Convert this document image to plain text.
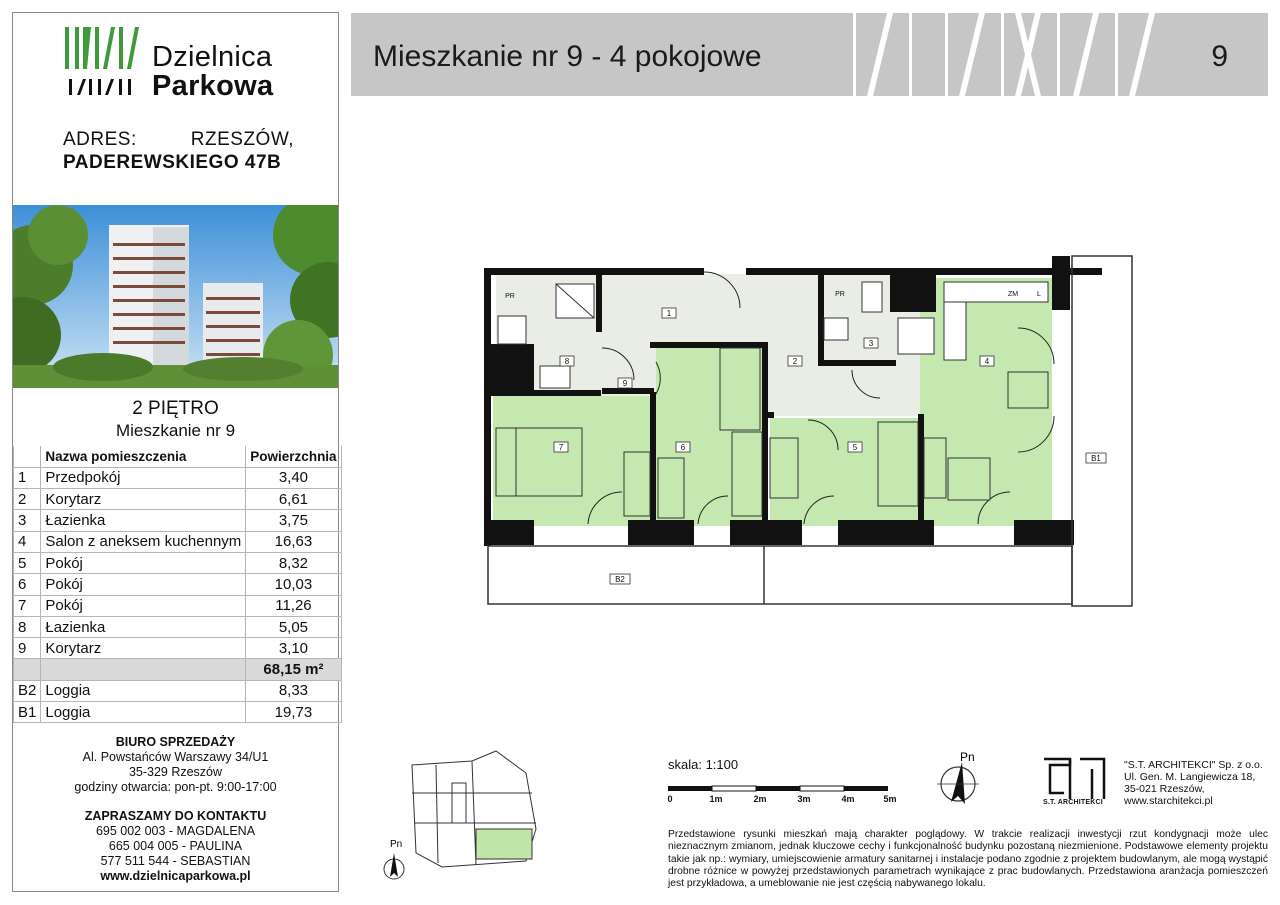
Dzielnica
Parkowa
ADRES:	RZESZÓW,
PADEREWSKIEGO 47B
2 PIĘTRO
Mieszkanie nr 9
	Nazwa pomieszczenia	Powierzchnia
1	Przedpokój	3,40
2	Korytarz	6,61
3	Łazienka	3,75
4	Salon z aneksem kuchennym	16,63
5	Pokój	8,32
6	Pokój	10,03
7	Pokój	11,26
8	Łazienka	5,05
9	Korytarz	3,10
		68,15 m²
B2	Loggia	8,33
B1	Loggia	19,73
BIURO SPRZEDAŻY
Al. Powstańców Warszawy 34/U1
35-329 Rzeszów
godziny otwarcia: pon-pt. 9:00-17:00
ZAPRASZAMY DO KONTAKTU
695 002 003 - MAGDALENA
665 004 005 - PAULINA
577 511 544 - SEBASTIAN
www.dzielnicaparkowa.pl
Mieszkanie nr 9 - 4 pokojowe	9
1
2
3
4
5
6
7
8
9
B1
B2
PR	PR	ZM	L
Pn
skala: 1:100
0	1m	2m	3m	4m	5m
Pn
S.T. ARCHITEKCI
"S.T. ARCHITEKCI" Sp. z o.o.
Ul. Gen. M. Langiewicza 18,
35-021 Rzeszów,
www.starchitekci.pl
Przedstawione rysunki mieszkań mają charakter poglądowy. W trakcie realizacji inwestycji rzut kondygnacji może ulec nieznacznym zmianom, jednak kluczowe cechy i funkcjonalność budynku pozostaną niezmienione. Podstawowe elementy projektu takie jak np.: wymiary, umiejscowienie armatury sanitarnej i instalacje podano zgodnie z projektem budowlanym, ale mogą wystąpić drobne różnice w powyżej przedstawionych parametrach wynikające z prac budowlanych. Przedstawiona aranżacja pomieszczeń jest przykładowa, a umeblowanie nie jest częścią nabywanego lokalu.
